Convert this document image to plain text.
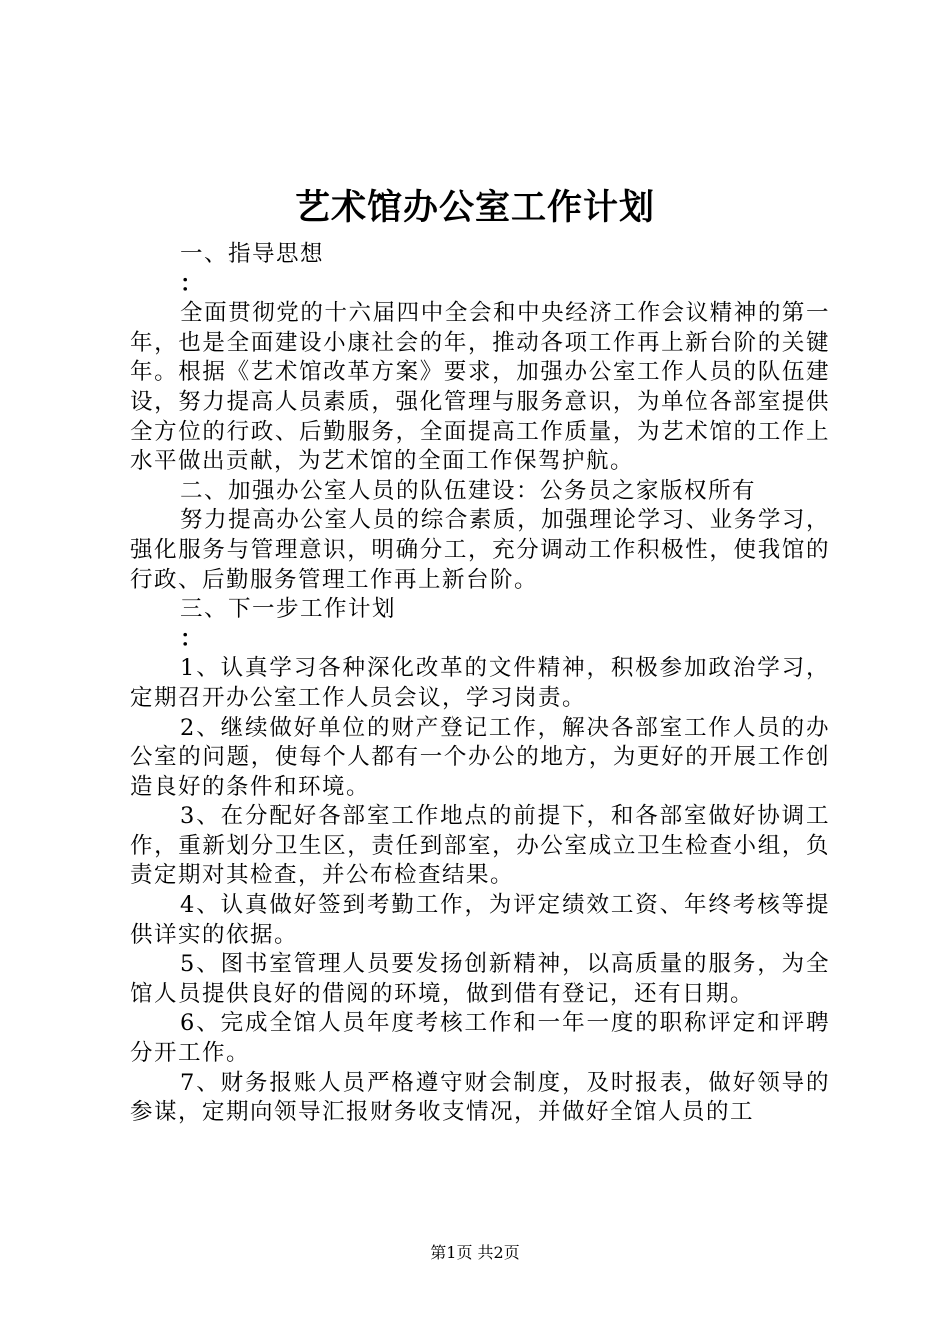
艺术馆办公室工作计划

一、指导思想

：

全面贯彻党的十六届四中全会和中央经济工作会议精神的第一年，也是全面建设小康社会的年，推动各项工作再上新台阶的关键年。根据《艺术馆改革方案》要求，加强办公室工作人员的队伍建设，努力提高人员素质，强化管理与服务意识，为单位各部室提供全方位的行政、后勤服务，全面提高工作质量，为艺术馆的工作上水平做出贡献，为艺术馆的全面工作保驾护航。

二、加强办公室人员的队伍建设：公务员之家版权所有

努力提高办公室人员的综合素质，加强理论学习、业务学习，强化服务与管理意识，明确分工，充分调动工作积极性，使我馆的行政、后勤服务管理工作再上新台阶。

三、下一步工作计划

：

1、认真学习各种深化改革的文件精神，积极参加政治学习，定期召开办公室工作人员会议，学习岗责。

2、继续做好单位的财产登记工作，解决各部室工作人员的办公室的问题，使每个人都有一个办公的地方，为更好的开展工作创造良好的条件和环境。

3、在分配好各部室工作地点的前提下，和各部室做好协调工作，重新划分卫生区，责任到部室，办公室成立卫生检查小组，负责定期对其检查，并公布检查结果。

4、认真做好签到考勤工作，为评定绩效工资、年终考核等提供详实的依据。

5、图书室管理人员要发扬创新精神，以高质量的服务，为全馆人员提供良好的借阅的环境，做到借有登记，还有日期。

6、完成全馆人员年度考核工作和一年一度的职称评定和评聘分开工作。

7、财务报账人员严格遵守财会制度，及时报表，做好领导的参谋，定期向领导汇报财务收支情况，并做好全馆人员的工

第1页 共2页
